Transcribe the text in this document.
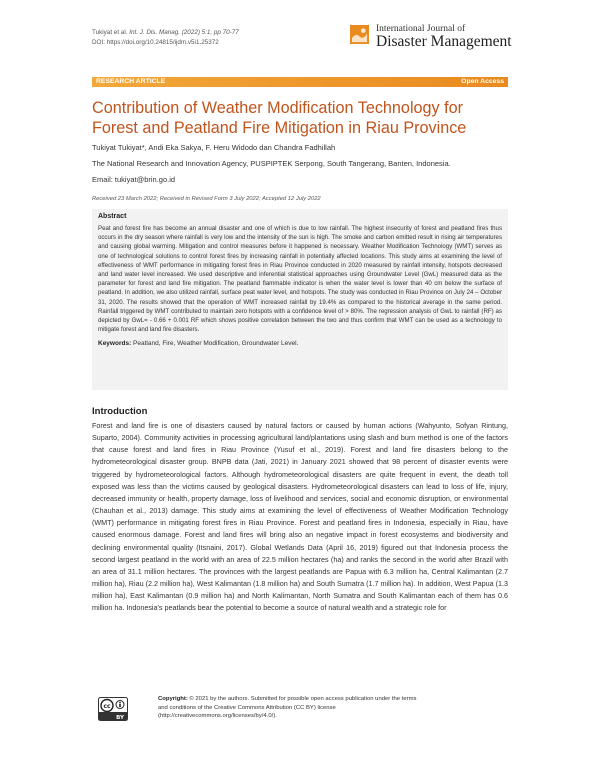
Tukiyat et al. Int. J. Dis. Manag. (2022) 5:1, pp 70-77
DOI: https://doi.org/10.24815/ijdm.v5i1.25372
International Journal of
Disaster Management
RESEARCH ARTICLE	Open Access
Contribution of Weather Modification Technology for Forest and Peatland Fire Mitigation in Riau Province
Tukiyat Tukiyat*, Andi Eka Sakya, F. Heru Widodo dan Chandra Fadhillah
The National Research and Innovation Agency, PUSPIPTEK Serpong, South Tangerang, Banten, Indonesia.
Email: tukiyat@brin.go.id
Received 23 March 2022; Received in Revised Form 3 July 2022; Accepted 12 July 2022
Abstract

Peat and forest fire has become an annual disaster and one of which is due to low rainfall. The highest insecurity of forest and peatland fires thus occurs in the dry season where rainfall is very low and the intensity of the sun is high. The smoke and carbon emitted result in rising air temperatures and causing global warming. Mitigation and control measures before it happened is necessary. Weather Modification Technology (WMT) serves as one of technological solutions to control forest fires by increasing rainfall in potentially affected locations. This study aims at examining the level of effectiveness of WMT performance in mitigating forest fires in Riau Province conducted in 2020 measured by rainfall intensity, hotspots decreased and land water level increased. We used descriptive and inferential statistical approaches using Groundwater Level (GwL) measured data as the parameter for forest and land fire mitigation. The peatland flammable indicator is when the water level is lower than 40 cm below the surface of peatland. In addition, we also utilized rainfall, surface peat water level, and hotspots. The study was conducted in Riau Province on July 24 – October 31, 2020. The results showed that the operation of WMT increased rainfall by 19.4% as compared to the historical average in the same period. Rainfall triggered by WMT contributed to maintain zero hotspots with a confidence level of > 80%. The regression analysis of GwL to rainfall (RF) as depicted by GwL= - 0.66 + 0.001 RF which shows positive correlation between the two and thus confirm that WMT can be used as a technology to mitigate forest and land fire disasters.

Keywords: Peatland, Fire, Weather Modification, Groundwater Level.
Introduction

Forest and land fire is one of disasters caused by natural factors or caused by human actions (Wahyunto, Sofyan Rintung, Suparto, 2004). Community activities in processing agricultural land/plantations using slash and burn method is one of the factors that cause forest and land fires in Riau Province (Yusuf et al., 2019). Forest and land fire disasters belong to the hydrometeorological disaster group. BNPB data (Jati, 2021) in January 2021 showed that 98 percent of disaster events were triggered by hydrometeorological factors. Although hydrometeorological disasters are quite frequent in event, the death toll exposed was less than the victims caused by geological disasters. Hydrometeorological disasters can lead to loss of life, injury, decreased immunity or health, property damage, loss of livelihood and services, social and economic disruption, or environmental (Chauhan et al., 2013) damage. This study aims at examining the level of effectiveness of Weather Modification Technology (WMT) performance in mitigating forest fires in Riau Province. Forest and peatland fires in Indonesia, especially in Riau, have caused enormous damage. Forest and land fires will bring also an negative impact in forest ecosystems and biodiversity and declining environmental quality (Itsnaini, 2017). Global Wetlands Data (April 16, 2019) figured out that Indonesia process the second largest peatland in the world with an area of 22.5 million hectares (ha) and ranks the second in the world after Brazil with an area of 31.1 million hectares. The provinces with the largest peatlands are Papua with 6.3 million ha, Central Kalimantan (2.7 million ha), Riau (2.2 million ha), West Kalimantan (1.8 million ha) and South Sumatra (1.7 million ha). In addition, West Papua (1.3 million ha), East Kalimantan (0.9 million ha) and North Kalimantan, North Sumatra and South Kalimantan each of them has 0.6 million ha. Indonesia's peatlands bear the potential to become a source of natural wealth and a strategic role for

cc
BY
Copyright: © 2021 by the authors. Submitted for possible open access publication under the terms and conditions of the Creative Commons Attribution (CC BY) license (http://creativecommons.org/licenses/by/4.0/).
